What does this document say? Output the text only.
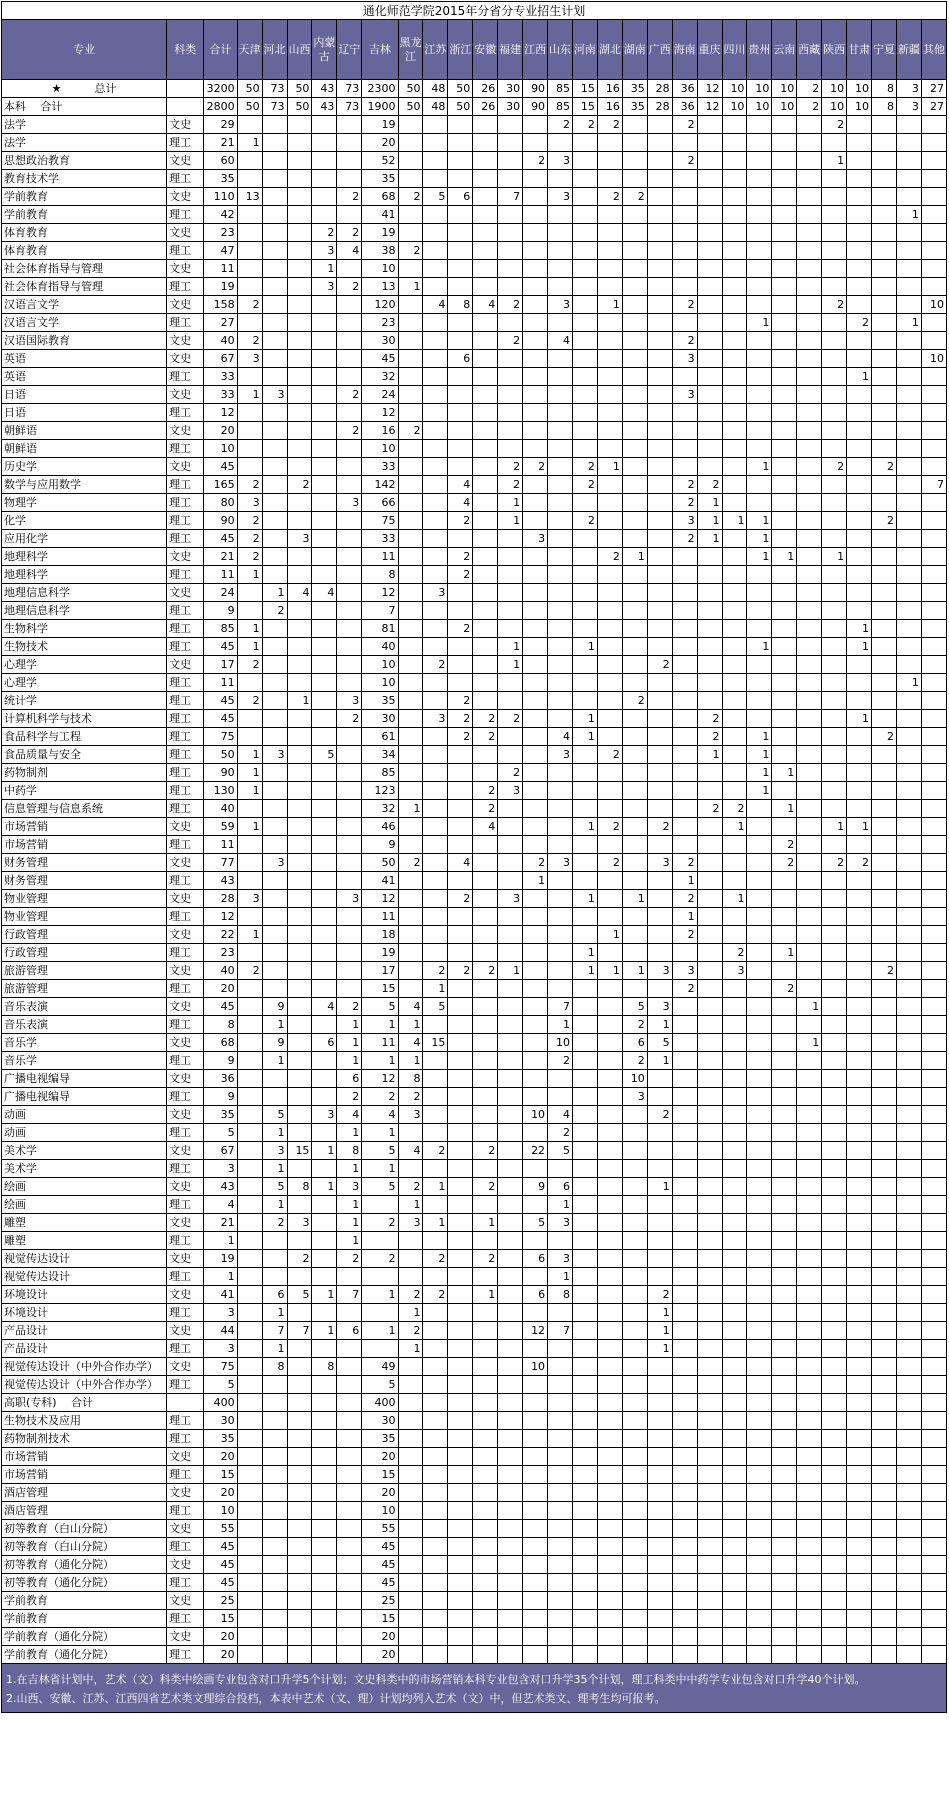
通化师范学院2015年分省分专业招生计划
专业	科类	合计	天津	河北	山西	内蒙古	辽宁	吉林	黑龙江	江苏	浙江	安徽	福建	江西	山东	河南	湖北	湖南	广西	海南	重庆	四川	贵州	云南	西藏	陕西	甘肃	宁夏	新疆	其他
★　　　总计		3200	50	73	50	43	73	2300	50	48	50	26	30	90	85	15	16	35	28	36	12	10	10	10	2	10	10	8	3	27
本科　 合计		2800	50	73	50	43	73	1900	50	48	50	26	30	90	85	15	16	35	28	36	12	10	10	10	2	10	10	8	3	27
法学	文史	29						19							2	2	2			2						2				
法学	理工	21	1					20																						
思想政治教育	文史	60						52						2	3					2						1				
教育技术学	理工	35						35																						
学前教育	文史	110	13				2	68	2	5	6		7		3		2	2												
学前教育	理工	42						41																					1	
体育教育	文史	23				2	2	19																						
体育教育	理工	47				3	4	38	2																					
社会体育指导与管理	文史	11				1		10																						
社会体育指导与管理	理工	19				3	2	13	1																					
汉语言文学	文史	158	2					120		4	8	4	2		3		1			2						2				10
汉语言文学	理工	27						23															1				2		1	
汉语国际教育	文史	40	2					30					2		4					2										
英语	文史	67	3					45			6									3										10
英语	理工	33						32																			1			
日语	文史	33	1	3			2	24												3										
日语	理工	12						12																						
朝鲜语	文史	20					2	16	2																					
朝鲜语	理工	10						10																						
历史学	文史	45						33					2	2		2	1						1			2		2		
数学与应用数学	理工	165	2		2			142			4		2			2				2	2									7
物理学	理工	80	3				3	66			4		1							2	1									
化学	理工	90	2					75			2		1			2				3	1	1	1					2		
应用化学	理工	45	2		3			33						3						2	1		1							
地理科学	文史	21	2					11			2						2	1					1	1		1				
地理科学	理工	11	1					8			2																			
地理信息科学	文史	24		1	4	4		12		3																				
地理信息科学	理工	9		2				7																						
生物科学	理工	85	1					81			2																1			
生物技术	理工	45	1					40					1			1							1				1			
心理学	文史	17	2					10		2			1						2											
心理学	理工	11						10																					1	
统计学	理工	45	2		1		3	35			2							2												
计算机科学与技术	理工	45					2	30		3	2	2	2			1					2						1			
食品科学与工程	理工	75						61			2	2			4	1					2		1					2		
食品质量与安全	理工	50	1	3		5		34							3		2				1		1							
药物制剂	理工	90	1					85					2										1	1						
中药学	理工	130	1					123				2	3										1							
信息管理与信息系统	理工	40						32	1			2									2	2		1						
市场营销	文史	59	1					46				4				1	2		2			1				1	1			
市场营销	理工	11						9																2						
财务管理	文史	77		3				50	2		4			2	3		2		3	2				2		2	2			
财务管理	理工	43						41						1						1										
物业管理	文史	28	3				3	12			2		3			1		1		2		1								
物业管理	理工	12						11												1										
行政管理	文史	22	1					18									1			2										
行政管理	理工	23						19								1						2		1						
旅游管理	文史	40	2					17		2	2	2	1			1	1	1	3	3		3						2		
旅游管理	理工	20						15		1										2				2						
音乐表演	文史	45		9		4	2	5	4	5					7			5	3						1					
音乐表演	理工	8		1			1	1	1						1			2	1											
音乐学	文史	68		9		6	1	11	4	15					10			6	5						1					
音乐学	理工	9		1			1	1	1						2			2	1											
广播电视编导	文史	36					6	12	8									10												
广播电视编导	理工	9					2	2	2									3												
动画	文史	35		5		3	4	4	3					10	4				2											
动画	理工	5		1			1	1							2															
美术学	文史	67		3	15	1	8	5	4	2		2		22	5															
美术学	理工	3		1			1	1																						
绘画	文史	43		5	8	1	3	5	2	1		2		9	6				1											
绘画	理工	4		1			1		1						1															
雕塑	文史	21		2	3		1	2	3	1		1		5	3															
雕塑	理工	1					1																							
视觉传达设计	文史	19			2		2	2		2		2		6	3															
视觉传达设计	理工	1													1															
环境设计	文史	41		6	5	1	7	1	2	2		1		6	8				2											
环境设计	理工	3		1					1										1											
产品设计	文史	44		7	7	1	6	1	2					12	7				1											
产品设计	理工	3		1					1										1											
视觉传达设计（中外合作办学）	文史	75		8		8		49						10																
视觉传达设计（中外合作办学）	理工	5						5																						
高职(专科)　 合计		400						400																						
生物技术及应用	理工	30						30																						
药物制剂技术	理工	35						35																						
市场营销	文史	20						20																						
市场营销	理工	15						15																						
酒店管理	文史	20						20																						
酒店管理	理工	10						10																						
初等教育（白山分院）	文史	55						55																						
初等教育（白山分院）	理工	45						45																						
初等教育（通化分院）	文史	45						45																						
初等教育（通化分院）	理工	45						45																						
学前教育	文史	25						25																						
学前教育	理工	15						15																						
学前教育（通化分院）	文史	20						20																						
学前教育（通化分院）	理工	20						20																						
1.在吉林省计划中，艺术（文）科类中绘画专业包含对口升学5个计划；文史科类中的市场营销本科专业包含对口升学35个计划，理工科类中中药学专业包含对口升学40个计划。
2.山西、安徽、江苏、江西四省艺术类文理综合投档，本表中艺术（文、理）计划均列入艺术（文）中，但艺术类文、理考生均可报考。
